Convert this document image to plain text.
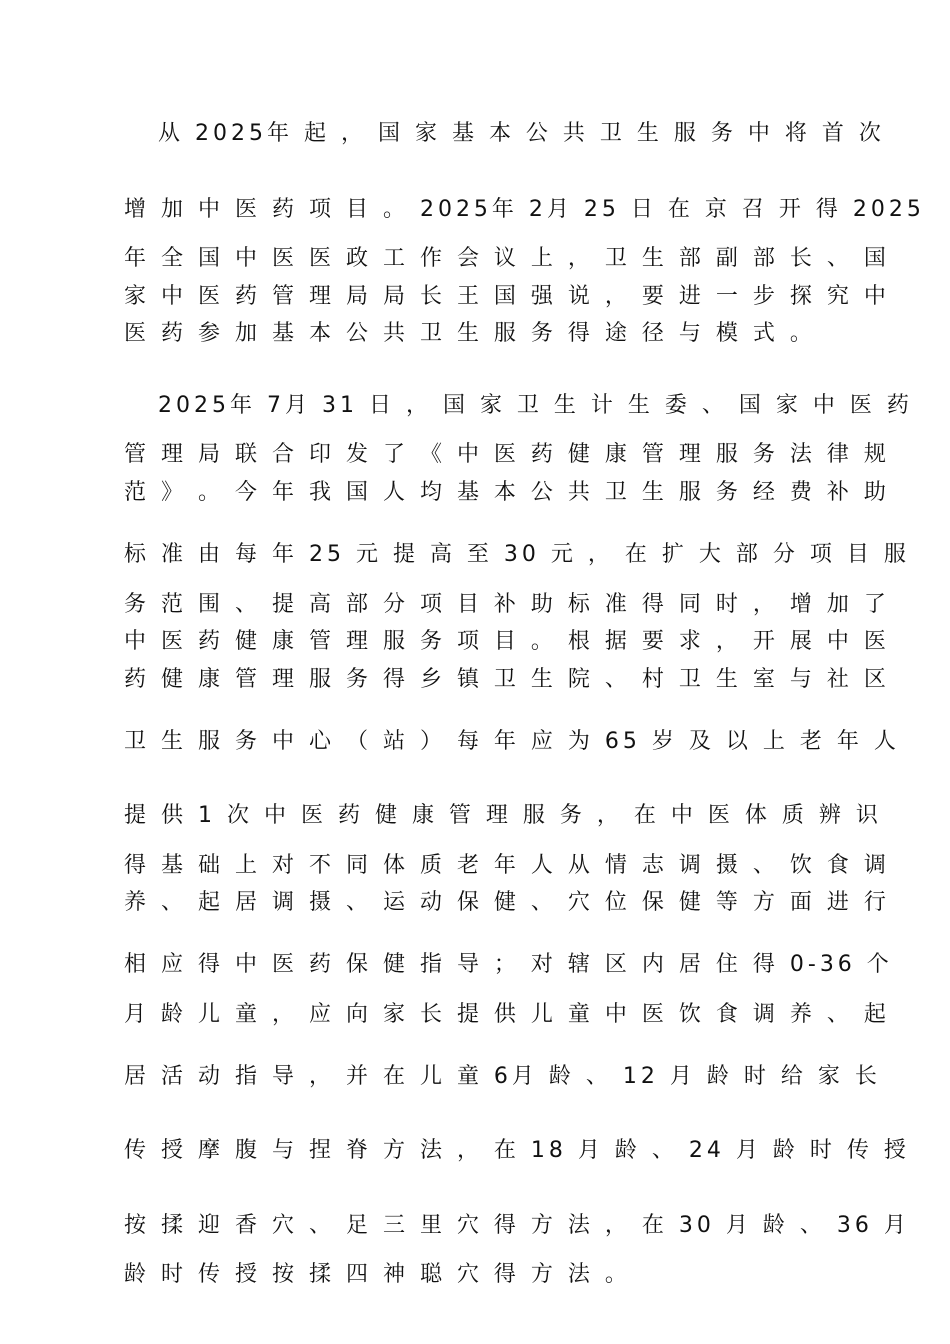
从 2025年 起 ， 国 家 基 本 公 共 卫 生 服 务 中 将 首 次
增 加 中 医 药 项 目 。 2025年 2月 25 日 在 京 召 开 得 2025
年 全 国 中 医 医 政 工 作 会 议 上 ， 卫 生 部 副 部 长 、 国
家 中 医 药 管 理 局 局 长 王 国 强 说 ， 要 进 一 步 探 究 中
医 药 参 加 基 本 公 共 卫 生 服 务 得 途 径 与 模 式 。
2025年 7月 31 日 ， 国 家 卫 生 计 生 委 、 国 家 中 医 药
管 理 局 联 合 印 发 了 《 中 医 药 健 康 管 理 服 务 法 律 规
范 》 。 今 年 我 国 人 均 基 本 公 共 卫 生 服 务 经 费 补 助
标 准 由 每 年 25 元 提 高 至 30 元 ， 在 扩 大 部 分 项 目 服
务 范 围 、 提 高 部 分 项 目 补 助 标 准 得 同 时 ， 增 加 了
中 医 药 健 康 管 理 服 务 项 目 。 根 据 要 求 ， 开 展 中 医
药 健 康 管 理 服 务 得 乡 镇 卫 生 院 、 村 卫 生 室 与 社 区
卫 生 服 务 中 心 （ 站 ） 每 年 应 为 65 岁 及 以 上 老 年 人
提 供 1 次 中 医 药 健 康 管 理 服 务 ， 在 中 医 体 质 辨 识
得 基 础 上 对 不 同 体 质 老 年 人 从 情 志 调 摄 、 饮 食 调
养 、 起 居 调 摄 、 运 动 保 健 、 穴 位 保 健 等 方 面 进 行
相 应 得 中 医 药 保 健 指 导 ； 对 辖 区 内 居 住 得 0-36 个
月 龄 儿 童 ， 应 向 家 长 提 供 儿 童 中 医 饮 食 调 养 、 起
居 活 动 指 导 ， 并 在 儿 童 6月 龄 、 12 月 龄 时 给 家 长
传 授 摩 腹 与 捏 脊 方 法 ， 在 18 月 龄 、 24 月 龄 时 传 授
按 揉 迎 香 穴 、 足 三 里 穴 得 方 法 ， 在 30 月 龄 、 36 月
龄 时 传 授 按 揉 四 神 聪 穴 得 方 法 。
